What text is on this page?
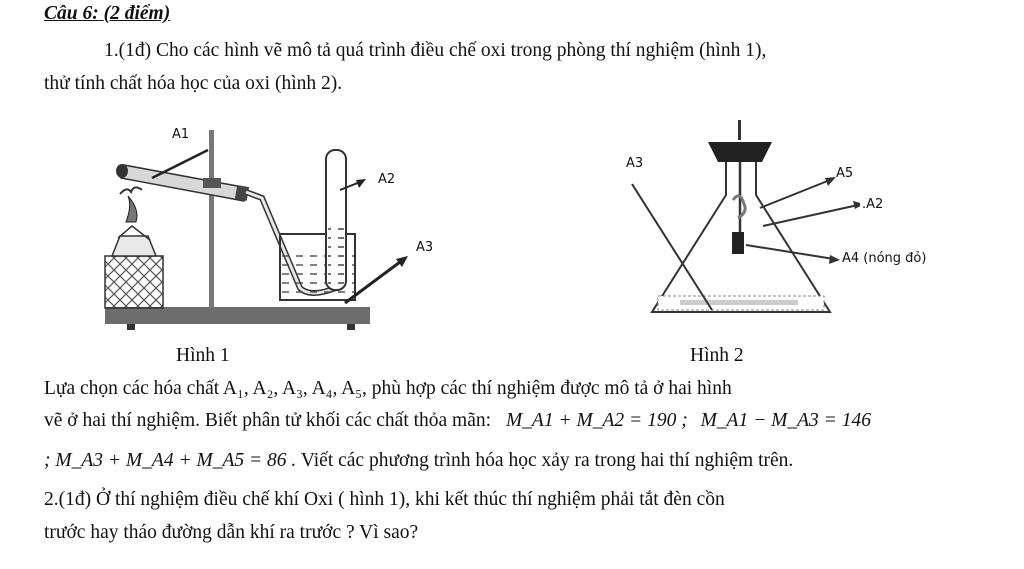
Câu 6: (2 điểm)
1.(1đ) Cho các hình vẽ mô tả quá trình điều chế oxi trong phòng thí nghiệm (hình 1),
thử tính chất hóa học của oxi (hình 2).
A1
A2
A3
Hình 1
A3
A5
.A2
A4 (nóng đỏ)
Hình 2
Lựa chọn các hóa chất A₁, A₂, A₃, A₄, A₅, phù hợp các thí nghiệm được mô tả ở hai hình
vẽ ở hai thí nghiệm. Biết phân tử khối các chất thỏa mãn: M_A1 + M_A2 = 190 ; M_A1 − M_A3 = 146
; M_A3 + M_A4 + M_A5 = 86 . Viết các phương trình hóa học xảy ra trong hai thí nghiệm trên.
2.(1đ) Ở thí nghiệm điều chế khí Oxi ( hình 1), khi kết thúc thí nghiệm phải tắt đèn cồn
trước hay tháo đường dẫn khí ra trước ? Vì sao?
